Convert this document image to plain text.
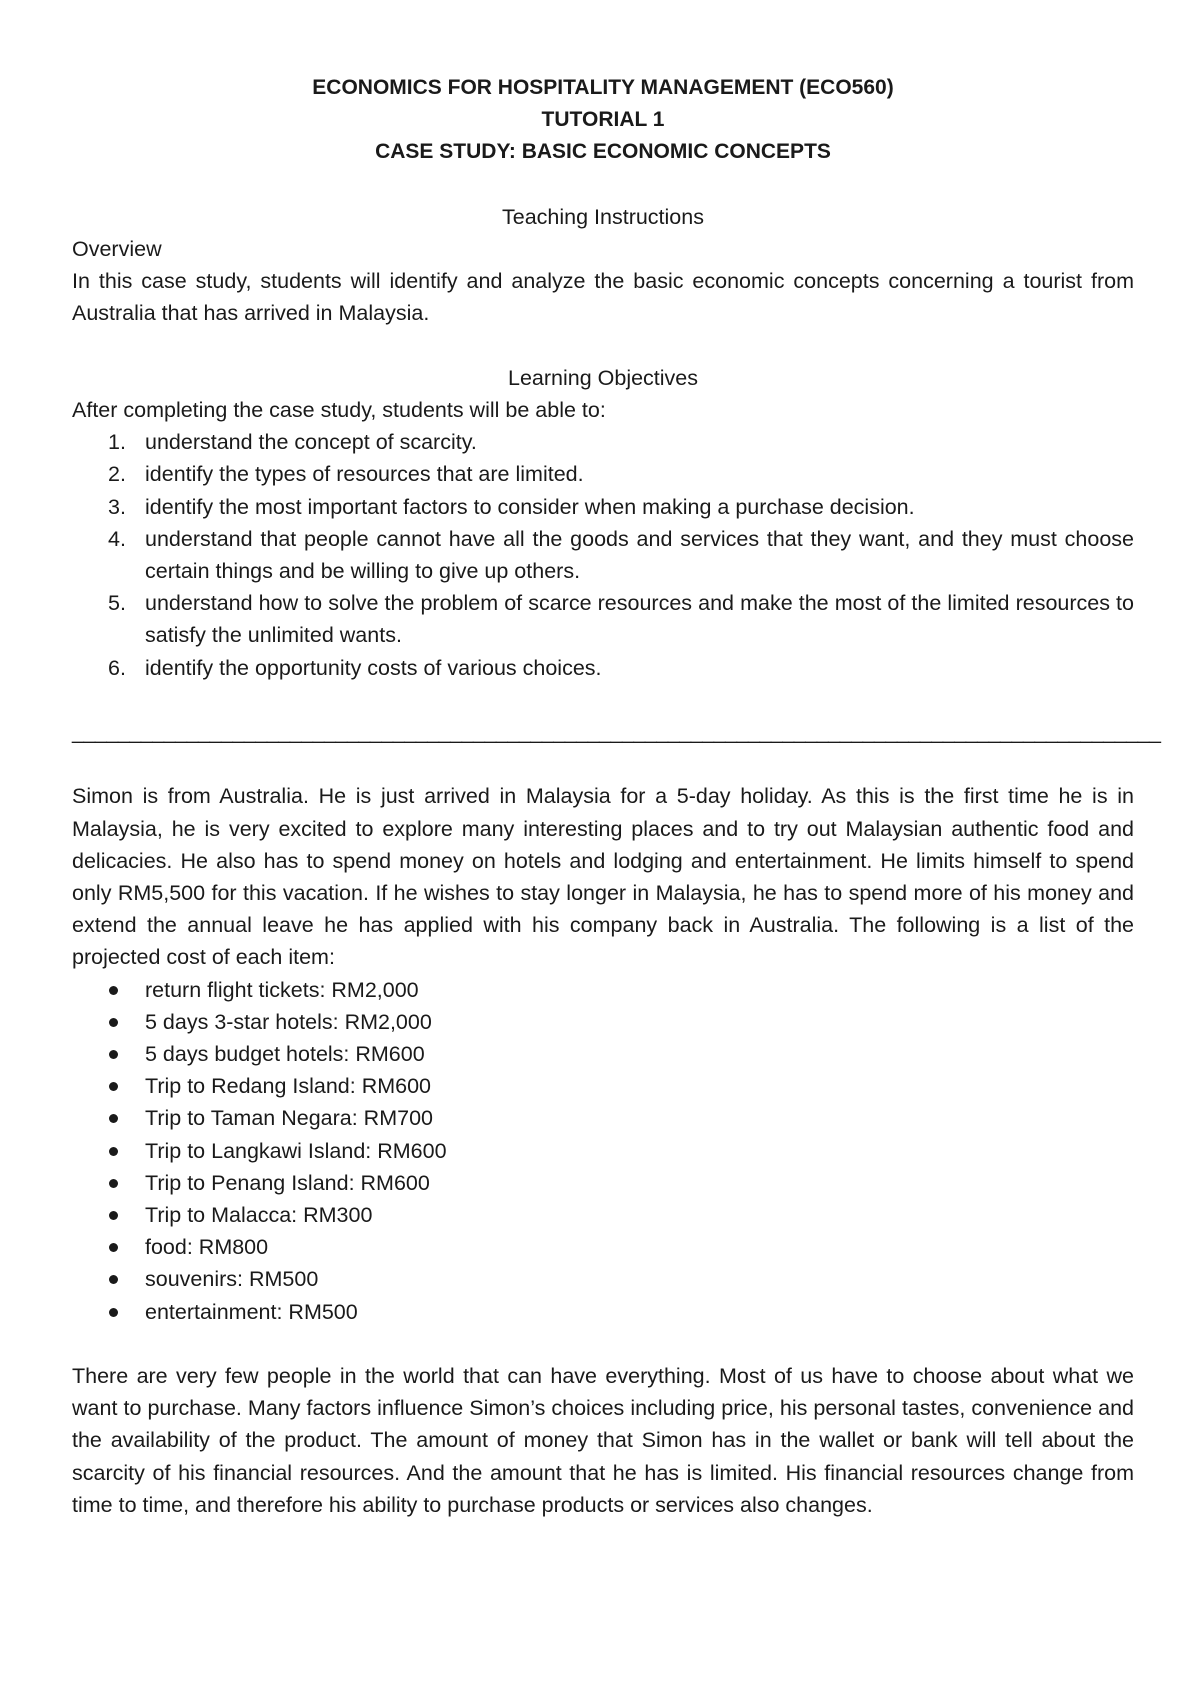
ECONOMICS FOR HOSPITALITY MANAGEMENT (ECO560)
TUTORIAL 1
CASE STUDY: BASIC ECONOMIC CONCEPTS
Teaching Instructions
Overview
In this case study, students will identify and analyze the basic economic concepts concerning a tourist from Australia that has arrived in Malaysia.
Learning Objectives
After completing the case study, students will be able to:
1. understand the concept of scarcity.
2. identify the types of resources that are limited.
3. identify the most important factors to consider when making a purchase decision.
4. understand that people cannot have all the goods and services that they want, and they must choose certain things and be willing to give up others.
5. understand how to solve the problem of scarce resources and make the most of the limited resources to satisfy the unlimited wants.
6. identify the opportunity costs of various choices.
_______________________________________________________________________________________________
Simon is from Australia. He is just arrived in Malaysia for a 5-day holiday. As this is the first time he is in Malaysia, he is very excited to explore many interesting places and to try out Malaysian authentic food and delicacies. He also has to spend money on hotels and lodging and entertainment. He limits himself to spend only RM5,500 for this vacation. If he wishes to stay longer in Malaysia, he has to spend more of his money and extend the annual leave he has applied with his company back in Australia. The following is a list of the projected cost of each item:
return flight tickets: RM2,000
5 days 3-star hotels: RM2,000
5 days budget hotels: RM600
Trip to Redang Island: RM600
Trip to Taman Negara: RM700
Trip to Langkawi Island: RM600
Trip to Penang Island: RM600
Trip to Malacca: RM300
food: RM800
souvenirs: RM500
entertainment: RM500
There are very few people in the world that can have everything. Most of us have to choose about what we want to purchase. Many factors influence Simon’s choices including price, his personal tastes, convenience and the availability of the product. The amount of money that Simon has in the wallet or bank will tell about the scarcity of his financial resources. And the amount that he has is limited. His financial resources change from time to time, and therefore his ability to purchase products or services also changes.
